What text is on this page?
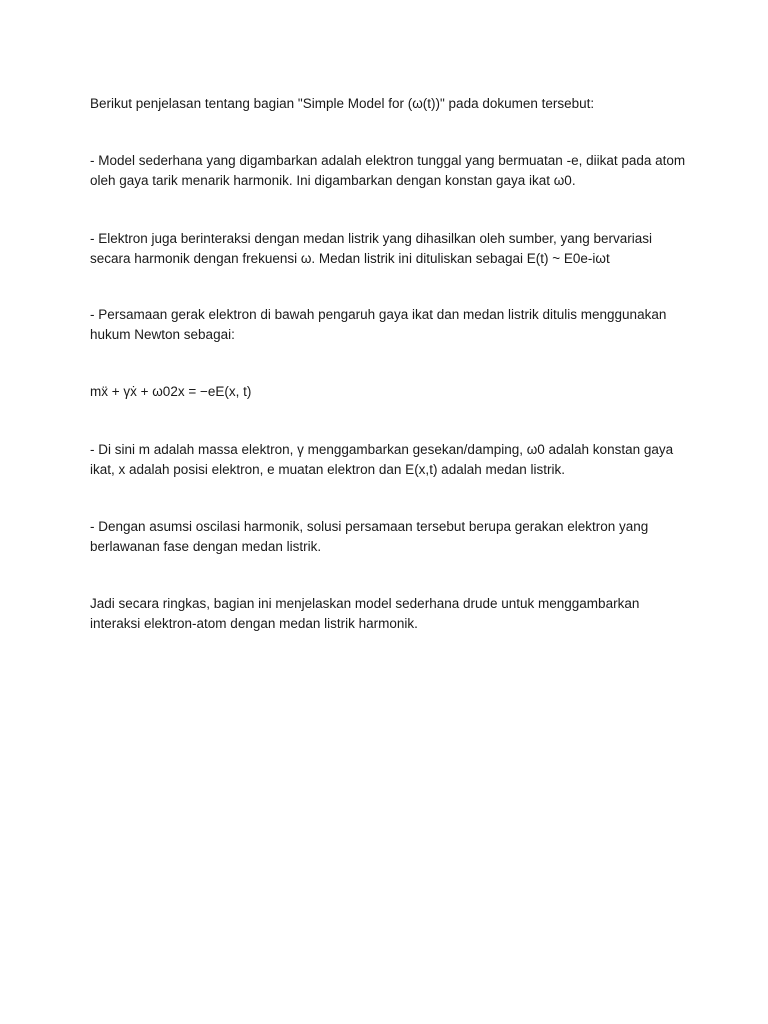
Berikut penjelasan tentang bagian "Simple Model for (ω(t))" pada dokumen tersebut:

- Model sederhana yang digambarkan adalah elektron tunggal yang bermuatan -e, diikat pada atom oleh gaya tarik menarik harmonik. Ini digambarkan dengan konstan gaya ikat ω0.

- Elektron juga berinteraksi dengan medan listrik yang dihasilkan oleh sumber, yang bervariasi secara harmonik dengan frekuensi ω. Medan listrik ini dituliskan sebagai E(t) ~ E0e-iωt

- Persamaan gerak elektron di bawah pengaruh gaya ikat dan medan listrik ditulis menggunakan hukum Newton sebagai:

mẍ + γẋ + ω02x = −eE(x, t)

- Di sini m adalah massa elektron, γ menggambarkan gesekan/damping, ω0 adalah konstan gaya ikat, x adalah posisi elektron, e muatan elektron dan E(x,t) adalah medan listrik.

- Dengan asumsi oscilasi harmonik, solusi persamaan tersebut berupa gerakan elektron yang berlawanan fase dengan medan listrik.

Jadi secara ringkas, bagian ini menjelaskan model sederhana drude untuk menggambarkan interaksi elektron-atom dengan medan listrik harmonik.
